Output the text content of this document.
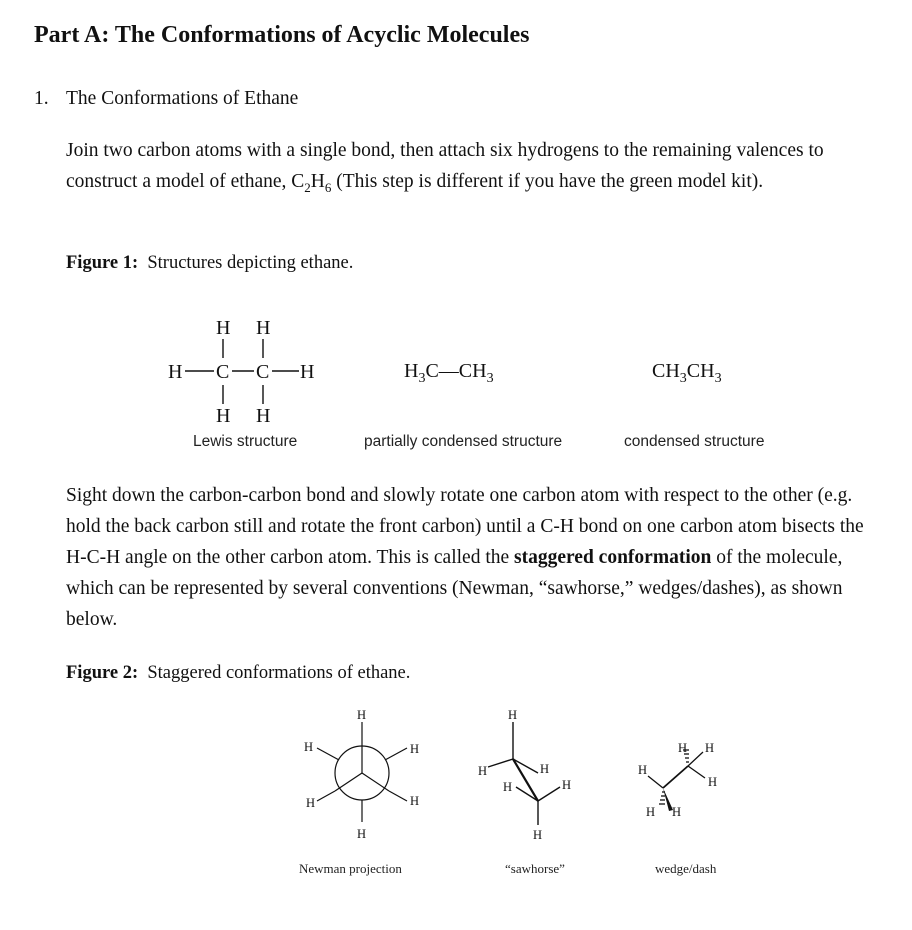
Part A: The Conformations of Acyclic Molecules
1. The Conformations of Ethane
Join two carbon atoms with a single bond, then attach six hydrogens to the remaining valences to construct a model of ethane, $C_2H_6$ (This step is different if you have the green model kit).
Figure 1: Structures depicting ethane.
H H
H C C H
H H
$H_3C—CH_3$	$CH_3CH_3$
Lewis structure	partially condensed structure	condensed structure
Sight down the carbon-carbon bond and slowly rotate one carbon atom with respect to the other (e.g. hold the back carbon still and rotate the front carbon) until a C-H bond on one carbon atom bisects the H-C-H angle on the other carbon atom. This is called the staggered conformation of the molecule, which can be represented by several conventions (Newman, “sawhorse,” wedges/dashes), as shown below.
Figure 2: Staggered conformations of ethane.
H
H	H
H	H
H
H
H	H
H	H
H
H H
H
H
H H
Newman projection	“sawhorse”	wedge/dash
